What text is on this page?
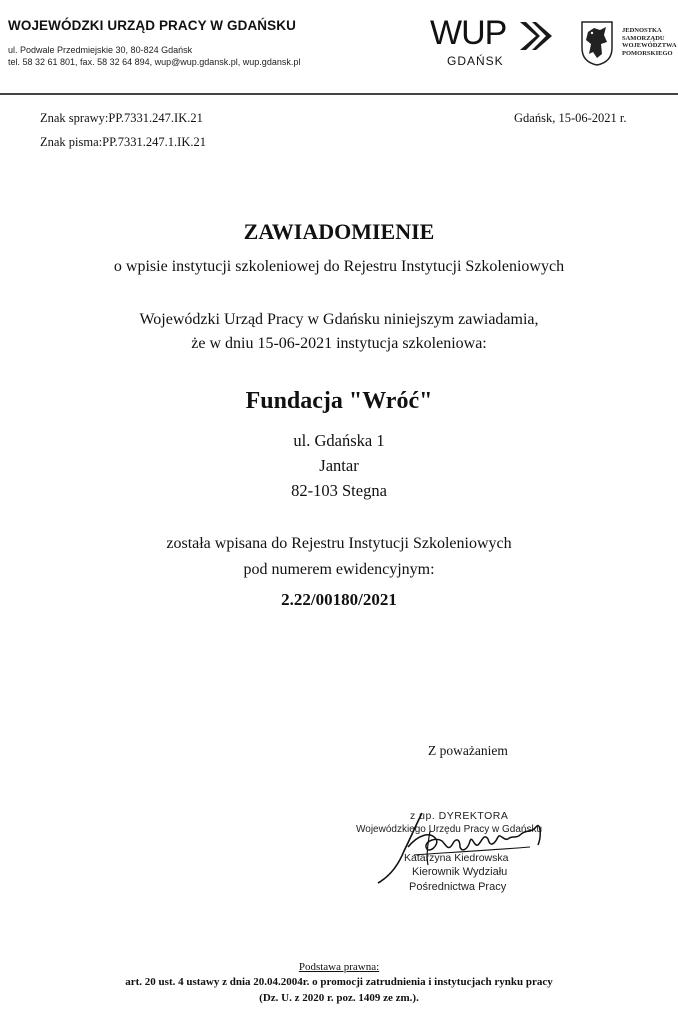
WOJEWÓDZKI URZĄD PRACY W GDAŃSKU
ul. Podwale Przedmiejskie 30, 80-824 Gdańsk
tel. 58 32 61 801, fax. 58 32 64 894, wup@wup.gdansk.pl, wup.gdansk.pl
WUP
GDAŃSK
JEDNOSTKA
SAMORZĄDU
WOJEWÓDZTWA
POMORSKIEGO
Znak sprawy:PP.7331.247.IK.21
Znak pisma:PP.7331.247.1.IK.21
Gdańsk, 15-06-2021 r.
ZAWIADOMIENIE
o wpisie instytucji szkoleniowej do Rejestru Instytucji Szkoleniowych
Wojewódzki Urząd Pracy w Gdańsku niniejszym zawiadamia,
że w dniu 15-06-2021 instytucja szkoleniowa:
Fundacja "Wróć"
ul. Gdańska 1
Jantar
82-103 Stegna
została wpisana do Rejestru Instytucji Szkoleniowych
pod numerem ewidencyjnym:
2.22/00180/2021
Z poważaniem
z up. DYREKTORA
Wojewódzkiego Urzędu Pracy w Gdańsku
Katarzyna Kiedrowska
Kierownik Wydziału
Pośrednictwa Pracy
Podstawa prawna:
art. 20 ust. 4 ustawy z dnia 20.04.2004r. o promocji zatrudnienia i instytucjach rynku pracy
(Dz. U. z 2020 r. poz. 1409 ze zm.).
